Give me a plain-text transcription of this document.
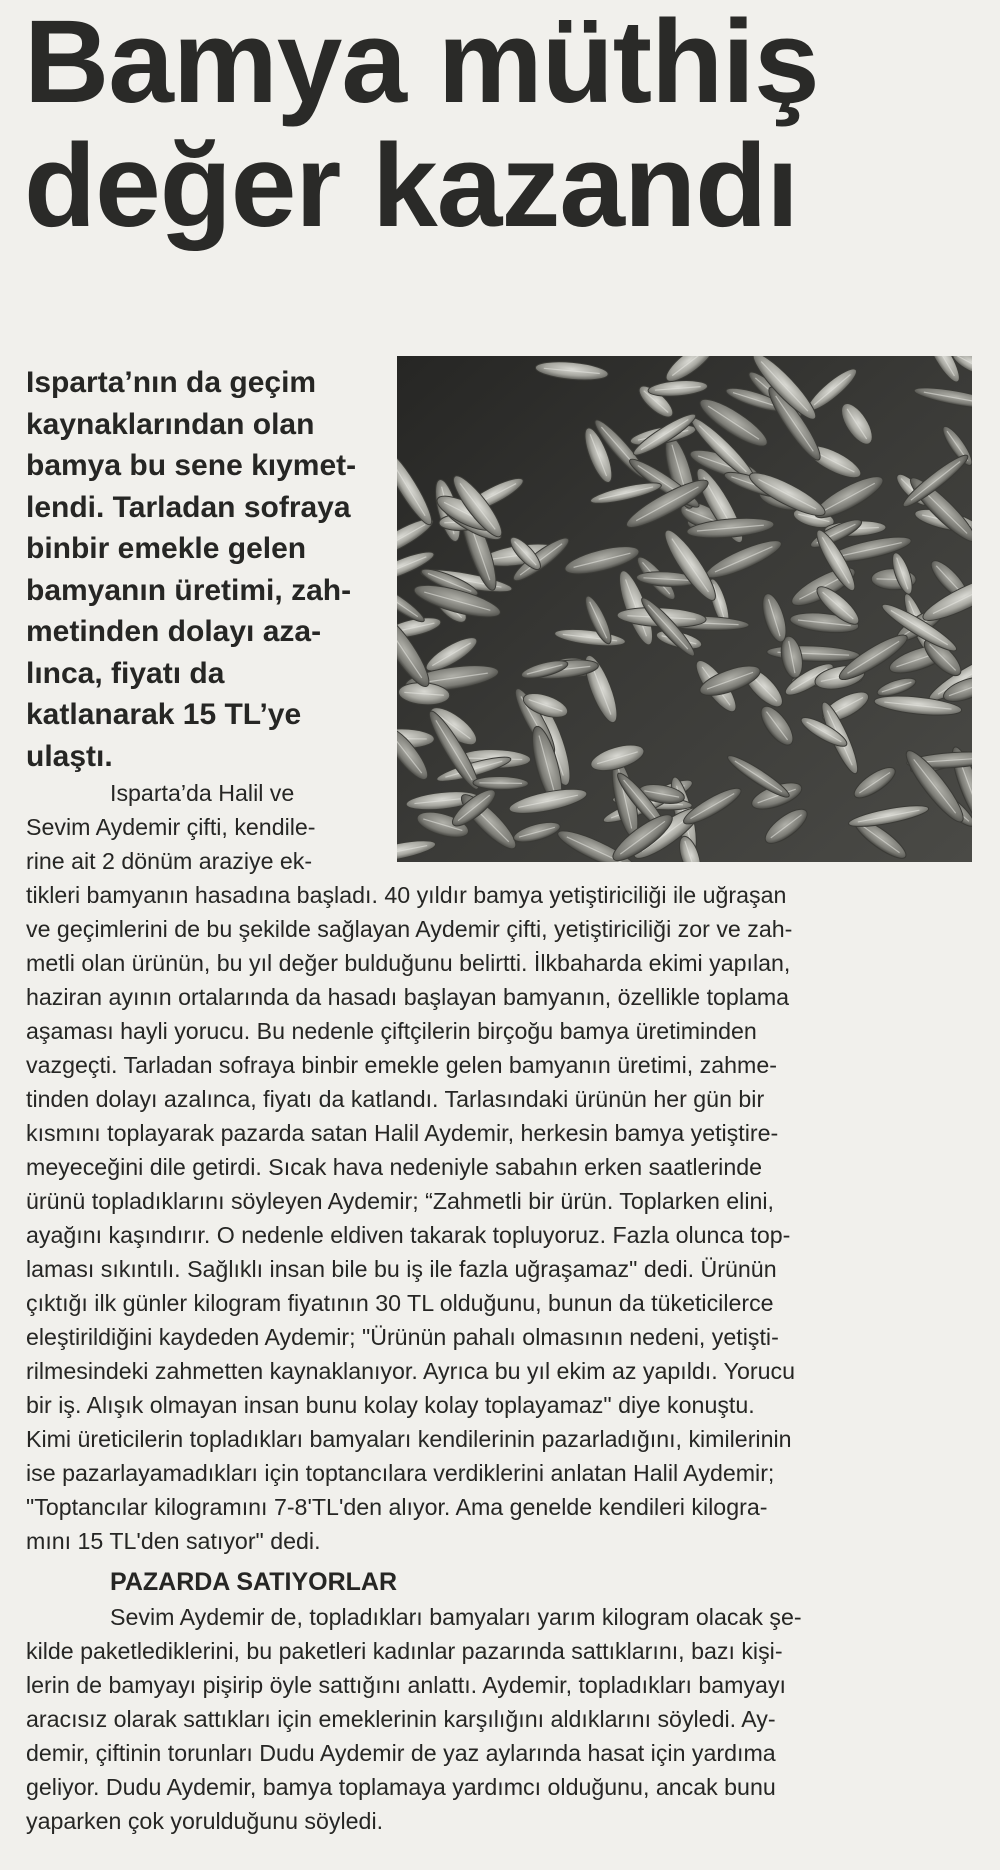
Bamya müthiş
değer kazandı

Isparta’nın da geçim
kaynaklarından olan
bamya bu sene kıymet-
lendi. Tarladan sofraya
binbir emekle gelen
bamyanın üretimi, zah-
metinden dolayı aza-
lınca, fiyatı da
katlanarak 15 TL’ye
ulaştı.

Isparta’da Halil ve
Sevim Aydemir çifti, kendile-
rine ait 2 dönüm araziye ek-

tikleri bamyanın hasadına başladı. 40 yıldır bamya yetiştiriciliği ile uğraşan
ve geçimlerini de bu şekilde sağlayan Aydemir çifti, yetiştiriciliği zor ve zah-
metli olan ürünün, bu yıl değer bulduğunu belirtti. İlkbaharda ekimi yapılan,
haziran ayının ortalarında da hasadı başlayan bamyanın, özellikle toplama
aşaması hayli yorucu. Bu nedenle çiftçilerin birçoğu bamya üretiminden
vazgeçti. Tarladan sofraya binbir emekle gelen bamyanın üretimi, zahme-
tinden dolayı azalınca, fiyatı da katlandı. Tarlasındaki ürünün her gün bir
kısmını toplayarak pazarda satan Halil Aydemir, herkesin bamya yetiştire-
meyeceğini dile getirdi. Sıcak hava nedeniyle sabahın erken saatlerinde
ürünü topladıklarını söyleyen Aydemir; “Zahmetli bir ürün. Toplarken elini,
ayağını kaşındırır. O nedenle eldiven takarak topluyoruz. Fazla olunca top-
laması sıkıntılı. Sağlıklı insan bile bu iş ile fazla uğraşamaz" dedi. Ürünün
çıktığı ilk günler kilogram fiyatının 30 TL olduğunu, bunun da tüketicilerce
eleştirildiğini kaydeden Aydemir; "Ürünün pahalı olmasının nedeni, yetişti-
rilmesindeki zahmetten kaynaklanıyor. Ayrıca bu yıl ekim az yapıldı. Yorucu
bir iş. Alışık olmayan insan bunu kolay kolay toplayamaz" diye konuştu.
Kimi üreticilerin topladıkları bamyaları kendilerinin pazarladığını, kimilerinin
ise pazarlayamadıkları için toptancılara verdiklerini anlatan Halil Aydemir;
"Toptancılar kilogramını 7-8'TL'den alıyor. Ama genelde kendileri kilogra-
mını 15 TL'den satıyor" dedi.

PAZARDA SATIYORLAR

Sevim Aydemir de, topladıkları bamyaları yarım kilogram olacak şe-
kilde paketlediklerini, bu paketleri kadınlar pazarında sattıklarını, bazı kişi-
lerin de bamyayı pişirip öyle sattığını anlattı. Aydemir, topladıkları bamyayı
aracısız olarak sattıkları için emeklerinin karşılığını aldıklarını söyledi. Ay-
demir, çiftinin torunları Dudu Aydemir de yaz aylarında hasat için yardıma
geliyor. Dudu Aydemir, bamya toplamaya yardımcı olduğunu, ancak bunu
yaparken çok yorulduğunu söyledi.
